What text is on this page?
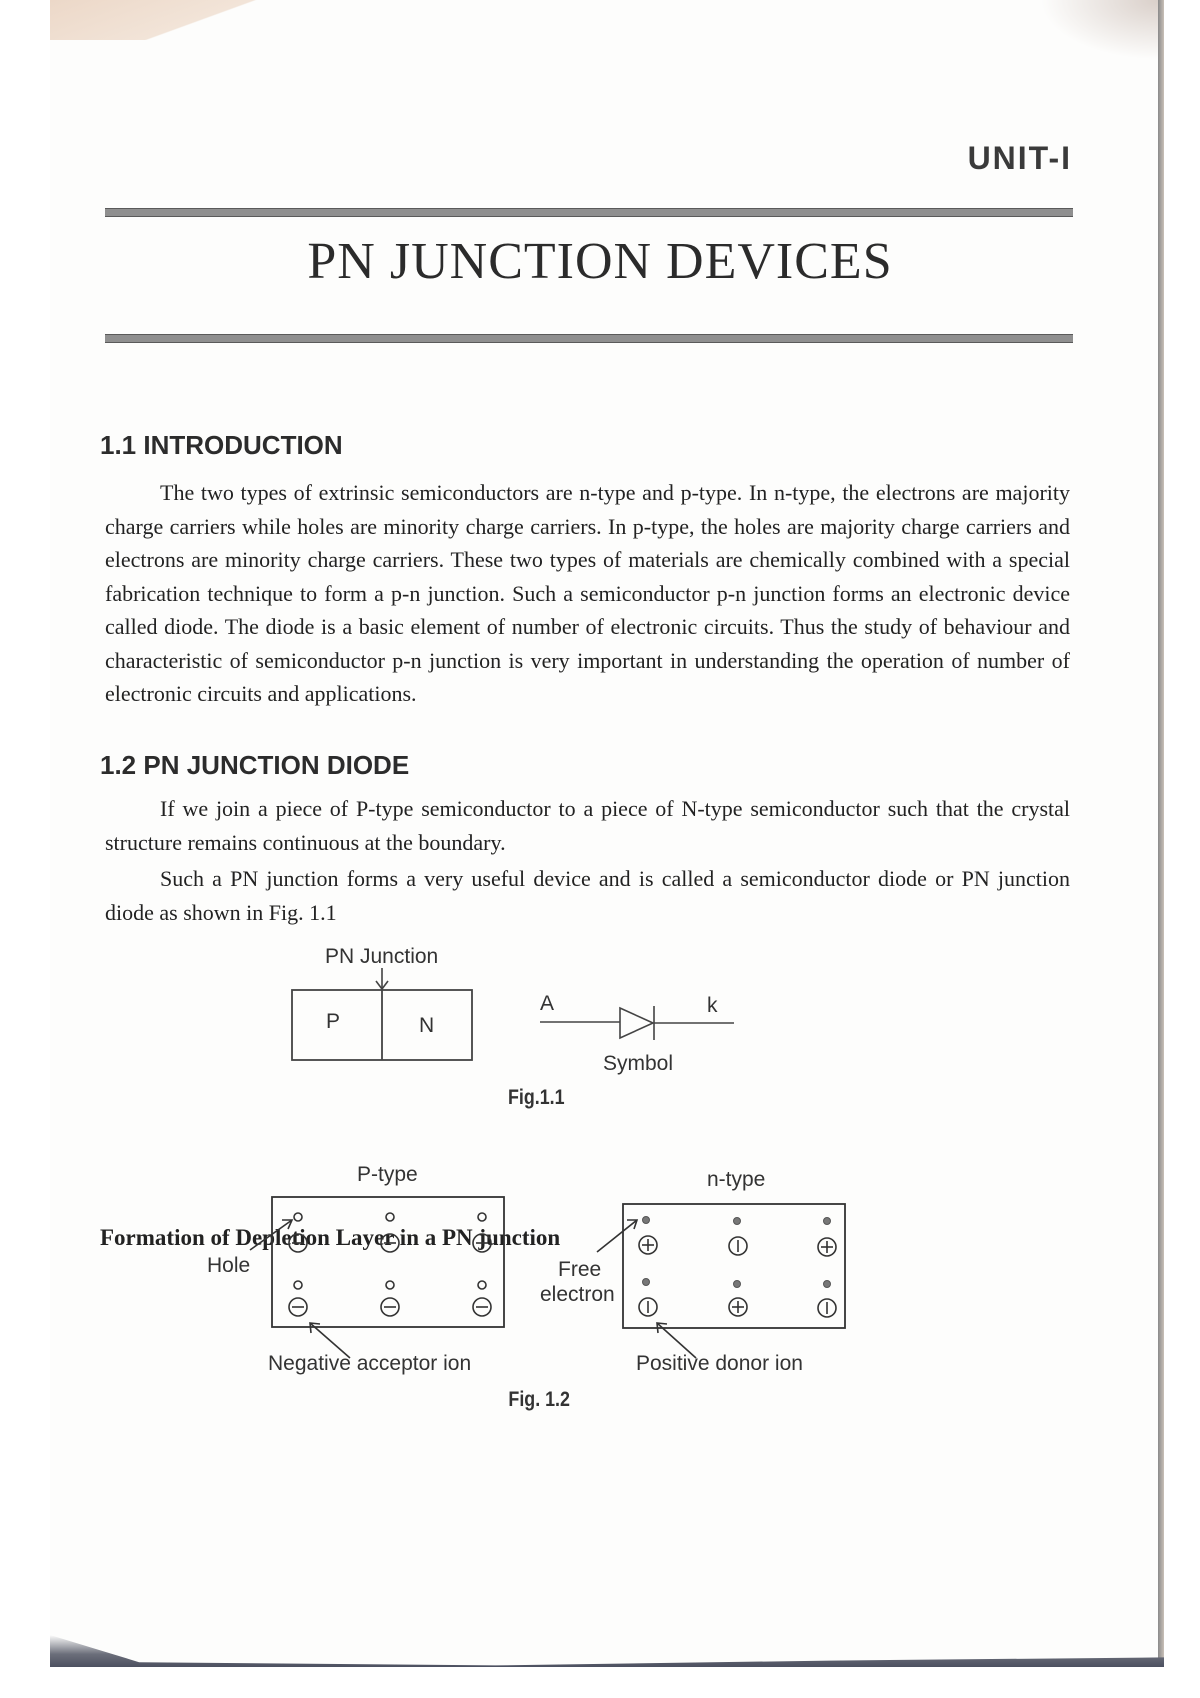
UNIT-I
PN JUNCTION DEVICES
1.1 INTRODUCTION

The two types of extrinsic semiconductors are n-type and p-type. In n-type, the electrons are majority charge carriers while holes are minority charge carriers. In p-type, the holes are majority charge carriers and electrons are minority charge carriers. These two types of materials are chemically combined with a special fabrication technique to form a p-n junction. Such a semiconductor p-n junction forms an electronic device called diode. The diode is a basic element of number of electronic circuits. Thus the study of behaviour and characteristic of semiconductor p-n junction is very important in understanding the operation of number of electronic circuits and applications.

1.2 PN JUNCTION DIODE

If we join a piece of P-type semiconductor to a piece of N-type semiconductor such that the crystal structure remains continuous at the boundary.

Such a PN junction forms a very useful device and is called a semiconductor diode or PN junction diode as shown in Fig. 1.1

PN Junction
P	N
A	k
Symbol
Fig.1.1
Formation of Depletion Layer in a PN junction
P-type
Hole
Negative acceptor ion
n-type
Free
electron
Positive donor ion
Fig. 1.2
